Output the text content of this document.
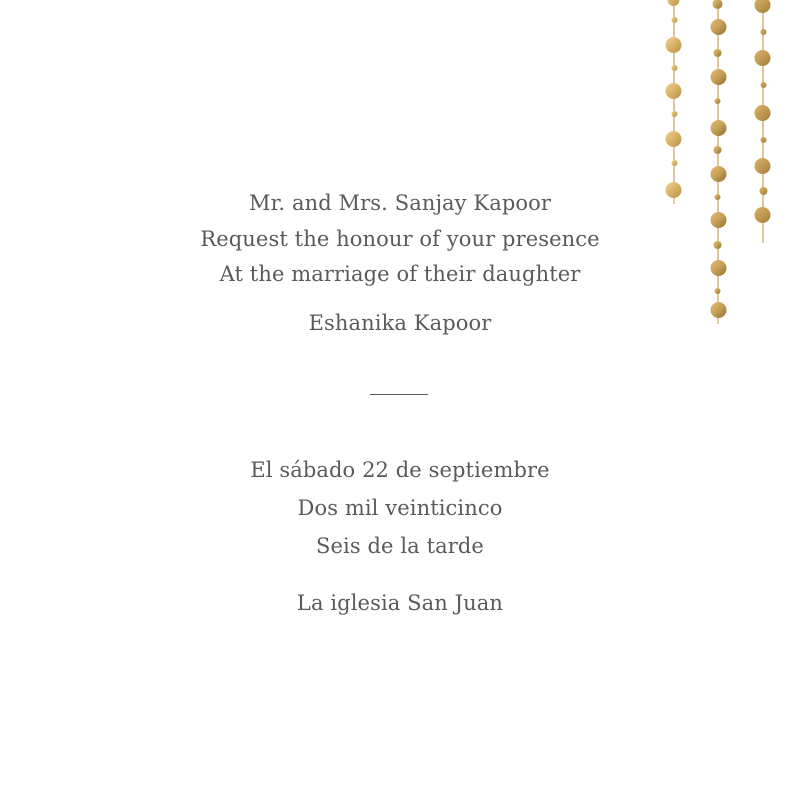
Mr. and Mrs. Sanjay Kapoor
Request the honour of your presence
At the marriage of their daughter
Eshanika Kapoor
El sábado 22 de septiembre
Dos mil veinticinco
Seis de la tarde
La iglesia San Juan
